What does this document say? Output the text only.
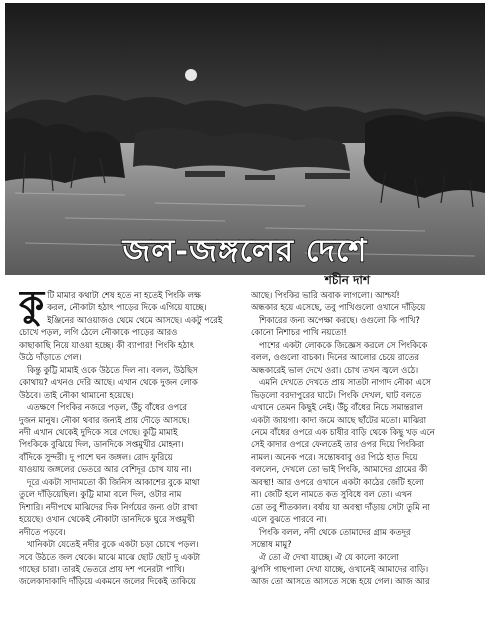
জল-জঙ্গলের দেশে
শচীন দাশ
কু টি মামার কথাটা শেষ হতে না হতেই পিংকি লক্ষ
করল, নৌকাটা হঠাৎ পাড়ের দিকে এগিয়ে যাচ্ছে।
ইঞ্জিনের আওয়াজও থেমে থেমে আসছে। একটু পরেই
চোখে পড়ল, লগি ঠেলে নৌকাকে পাড়ের আরও
কাছাকাছি নিয়ে যাওয়া হচ্ছে। কী ব্যাপার! পিংকি হঠাৎ
উঠে দাঁড়াতে গেল।
কিন্তু কুট্টি মামাই ওকে উঠতে দিল না। বলল, উঠছিস
কোথায়? এখনও দেরি আছে। এখান থেকে দুজন লোক
উঠবে। তাই নৌকা থামানো হয়েছে।
এতক্ষণে পিংকির নজরে পড়ল, উঁচু বাঁধের ওপরে
দুজন মানুষ। নৌকা থবার জন্যই প্রায় দৌড়ে আসছে।
নদী এখান থেকেই দুদিকে সরে গেছে। কুট্টি মামাই
পিংকিকে বুঝিয়ে দিল, ডানদিকে সপ্তমুখীর মোহনা।
বাঁদিকে সুন্দরী। দু পাশে ঘন জঙ্গল। রোদ ফুরিয়ে
যাওয়ায় জঙ্গলের ভেতরে আর বেশিদূর চোখ যায় না।
দূরে একটা সাদামতো কী জিনিস আকাশের বুকে মাথা
তুলে দাঁড়িয়েছিল। কুট্টি মামা বলে দিল, ওটার নাম
দিশারি। নদীপথে মাঝিদের দিক নির্ণয়ের জন্য ওটা রাখা
হয়েছে। ওখান থেকেই নৌকাটা ডানদিকে ঘুরে সপ্তমুখী
নদীতে পড়বে।
খানিকটা যেতেই নদীর বুকে একটা চড়া চোখে পড়ল।
সবে উঠতে জল থেকে। মাঝে মাঝে ছোট ছোট দু একটা
গাছের চারা। তারই ভেতরে প্রায় দশ পনেরটা পাখি।
জলেকাদাকাদি দাঁড়িয়ে একমনে জলের দিকেই তাকিয়ে
আছে। পিংকির ভারি অবাক লাগলো। আশ্চর্য!
অন্ধকার হয়ে এসেছে, তবু পাখিগুলো ওখানে দাঁড়িয়ে
শিকারের জন্য অপেক্ষা করছে। ওগুলো কি পাখি?
কোনো নিশাচর পাখি নয়তো!
পাশের একটা লোককে জিজ্ঞেস করলে সে পিংকিকে
বলল, ওগুলো বাচকা। দিনের আলোর চেয়ে রাতের
অন্ধকারেই ভাল দেখে ওরা। চোখ তখন জ্বলে ওঠে।
এমনি দেখতে দেখতে প্রায় সাতটা নাগাদ নৌকা এসে
ভিড়লো বরদাপুরের ঘাটে। পিংকি দেখল, ঘাট বলতে
এখানে তেমন কিছুই নেই। উঁচু বাঁধের নিচে সমান্তরাল
একটা জায়গা। কাদা জমে আছে ছাঁটের মতো। মাঝিরা
নেমে বাঁধের ওপরে এক চাষীর বাড়ি থেকে কিছু খড় এনে
সেই কাদার ওপরে ফেলতেই তার ওপর দিয়ে পিংকিরা
নামল। অনেক পরে। সন্তোষবাবু ওর পিঠে হাত দিয়ে
বললেন, দেখলে তো ভাই পিংকি, আমাদের গ্রামের কী
অবস্থা! আর ওপরে ওখানে একটা কাঠের জেটি হলো
না। জেটি হলে নামতে কত সুবিধে বল তো। এখন
তো তবু শীতকাল। বর্ষায় যা অবস্থা দাঁড়ায় সেটা তুমি না
এলে বুঝতে পারবে না।
পিংকি বলল, নদী থেকে তোমাদের গ্রাম কতদূর
সন্তোষ মামু?
ঐ তো ঐ দেখা যাচ্ছে। ঐ যে কালো কালো
ঝুপসি গাছপালা দেখা যাচ্ছে, ওখানেই আমাদের বাড়ি।
আজ তো আসতে আসতে সন্ধে হয়ে গেল। আজ আর
